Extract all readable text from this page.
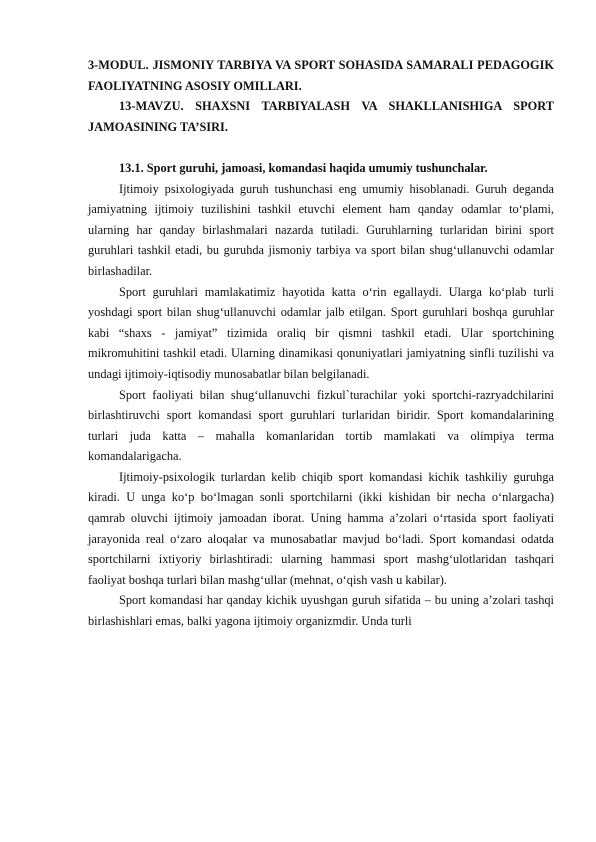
3-MODUL. JISMONIY TARBIYA VA SPORT SOHASIDA SAMARALI PEDAGOGIK FAOLIYATNING ASOSIY OMILLARI.

13-MAVZU. SHAXSNI TARBIYALASH VA SHAKLLANISHIGA SPORT JAMOASINING TA’SIRI.

13.1. Sport guruhi, jamoasi, komandasi haqida umumiy tushunchalar.

Ijtimoiy psixologiyada guruh tushunchasi eng umumiy hisoblanadi. Guruh deganda jamiyatning ijtimoiy tuzilishini tashkil etuvchi element ham qanday odamlar to‘plami, ularning har qanday birlashmalari nazarda tutiladi. Guruhlarning turlaridan birini sport guruhlari tashkil etadi, bu guruhda jismoniy tarbiya va sport bilan shug‘ullanuvchi odamlar birlashadilar.

Sport guruhlari mamlakatimiz hayotida katta o‘rin egallaydi. Ularga ko‘plab turli yoshdagi sport bilan shug‘ullanuvchi odamlar jalb etilgan. Sport guruhlari boshqa guruhlar kabi “shaxs - jamiyat” tizimida oraliq bir qismni tashkil etadi. Ular sportchining mikromuhitini tashkil etadi. Ularning dinamikasi qonuniyatlari jamiyatning sinfli tuzilishi va undagi ijtimoiy-iqtisodiy munosabatlar bilan belgilanadi.

Sport faoliyati bilan shug‘ullanuvchi fizkul`turachilar yoki sportchi-razryadchilarini birlashtiruvchi sport komandasi sport guruhlari turlaridan biridir. Sport komandalarining turlari juda katta – mahalla komanlaridan tortib mamlakati va olimpiya terma komandalarigacha.

Ijtimoiy-psixologik turlardan kelib chiqib sport komandasi kichik tashkiliy guruhga kiradi. U unga ko‘p bo‘lmagan sonli sportchilarni (ikki kishidan bir necha o‘nlargacha) qamrab oluvchi ijtimoiy jamoadan iborat. Uning hamma a’zolari o‘rtasida sport faoliyati jarayonida real o‘zaro aloqalar va munosabatlar mavjud bo‘ladi. Sport komandasi odatda sportchilarni ixtiyoriy birlashtiradi: ularning hammasi sport mashg‘ulotlaridan tashqari faoliyat boshqa turlari bilan mashg‘ullar (mehnat, o‘qish vash u kabilar).

Sport komandasi har qanday kichik uyushgan guruh sifatida – bu uning a’zolari tashqi birlashishlari emas, balki yagona ijtimoiy organizmdir. Unda turli
